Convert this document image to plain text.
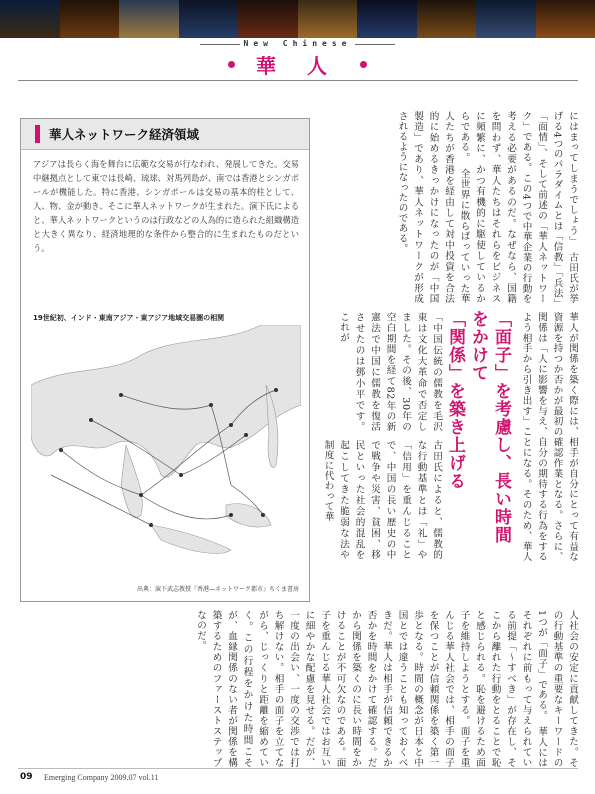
New Chinese
華 人
華人ネットワーク経済領域
アジアは長らく海を舞台に広範な交易が行なわれ、発展してきた。交易中継拠点として東では長崎、琉球、対馬列島が、南では香港とシンガポールが機能した。特に香港、シンガポールは交易の基本的柱として、人、物、金が動き、そこに華人ネットワークが生まれた。演下氏によると、華人ネットワークというのは行政などの人為的に造られた組織構造と大きく異なり、経済地理的な条件から整合的に生まれたものだという。
19世紀初、インド・東南アジア・東アジア地域交易圏の相関
出典：演下武志教授『香港―ネットワーク都市』ちくま書房
にはまってしまうでしょう」　古田氏が挙げる4つのパラダイムとは「信教」「兵法」「面情」、そして前述の「華人ネットワーク」である。この4つで中華企業の行動を考える必要があるのだ。なぜなら、国籍を問わず、華人たちはそれらをビジネスに頻繁に、かつ有機的に駆使しているからである。　全世界に散らばっていった華人たちが香港を経由して対中投資を合法的に始めるきっかけになったのが「中国製造」であり、華人ネットワークが形成されるようになったのである。
「面子」を考慮し、長い時間をかけて
「関係」を築き上げる
「中国伝統の儒教を毛沢東は文化大革命で否定しました。その後、30年の空白期間を経て82年の新憲法で中国に儒教を復活させたのは鄧小平です。これが
古田氏によると、儒教的な行動基準とは「礼」や「信用」を重んじることで、中国の長い歴史の中で戦争や災害、貧困、移民といった社会的混乱を起こしてきた脆弱な法や制度に代わって華
華人が関係を築く際には、相手が自分にとって有益な資源を持つか否かが最初の確認作業となる。さらに、関係は「人に影響を与え、自分の期待する行為をするよう相手から引き出す」ことになる。そのため、華人
人社会の安定に貢献してきた。その行動基準の重要なキーワードの1つが「面子」である。　華人にはそれぞれに前もって与えられている前提「～すべき」が存在し、そこから離れた行動をとることで恥と感じられる。恥を避けるため面子を維持しようとする。面子を重んじる華人社会では、相手の面子を保つことが信頼関係を築く第一歩となる。時間の概念が日本と中国とでは違うことも知っておくべきだ。華人は相手が信頼できるか否かを時間をかけて確認する。だから関係を築くのに長い時間をかけることが不可欠なのである。面子を重んじる華人社会ではお互いに細やかな配慮を見せる。だが、一度の出会い、一度の交渉では打ち解けない。相手の面子を立てながら、じっくりと距離を縮めていく。この行程をかけた時間こそが、血縁関係のない者が関係を構築するためのファーストステップなのだ。
09 Emerging Company 2009.07 vol.11
